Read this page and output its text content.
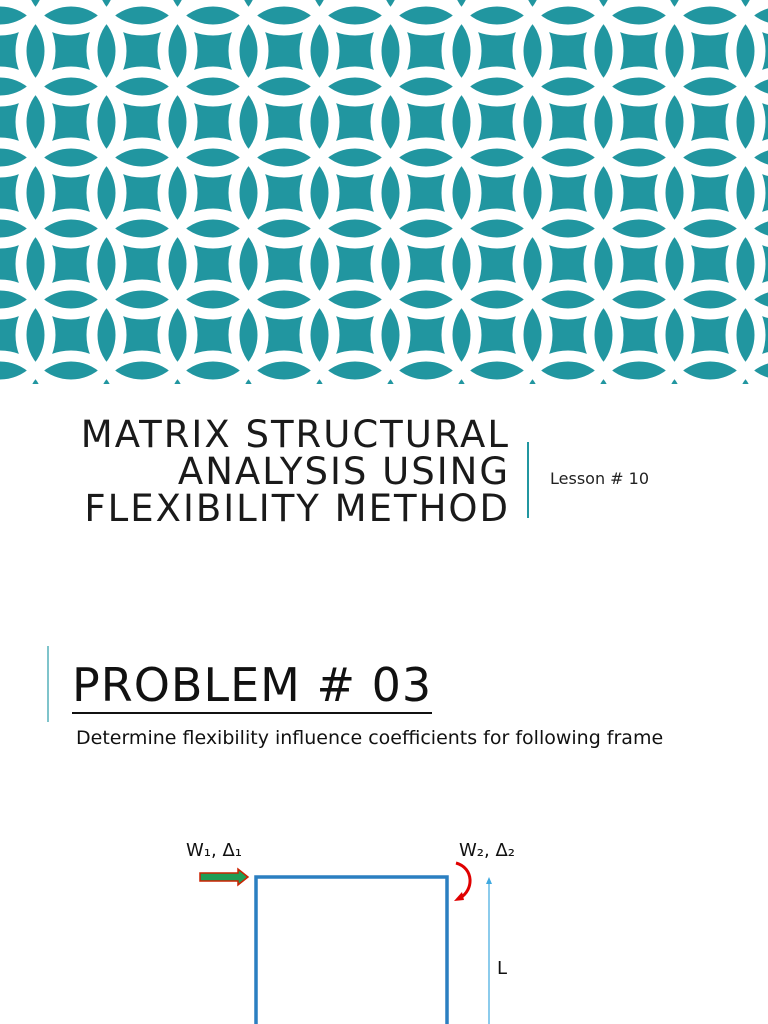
MATRIX STRUCTURAL
ANALYSIS USING
FLEXIBILITY METHOD
Lesson # 10
PROBLEM # 03
Determine flexibility influence coefficients for following frame
W₁, Δ₁	W₂, Δ₂
L
